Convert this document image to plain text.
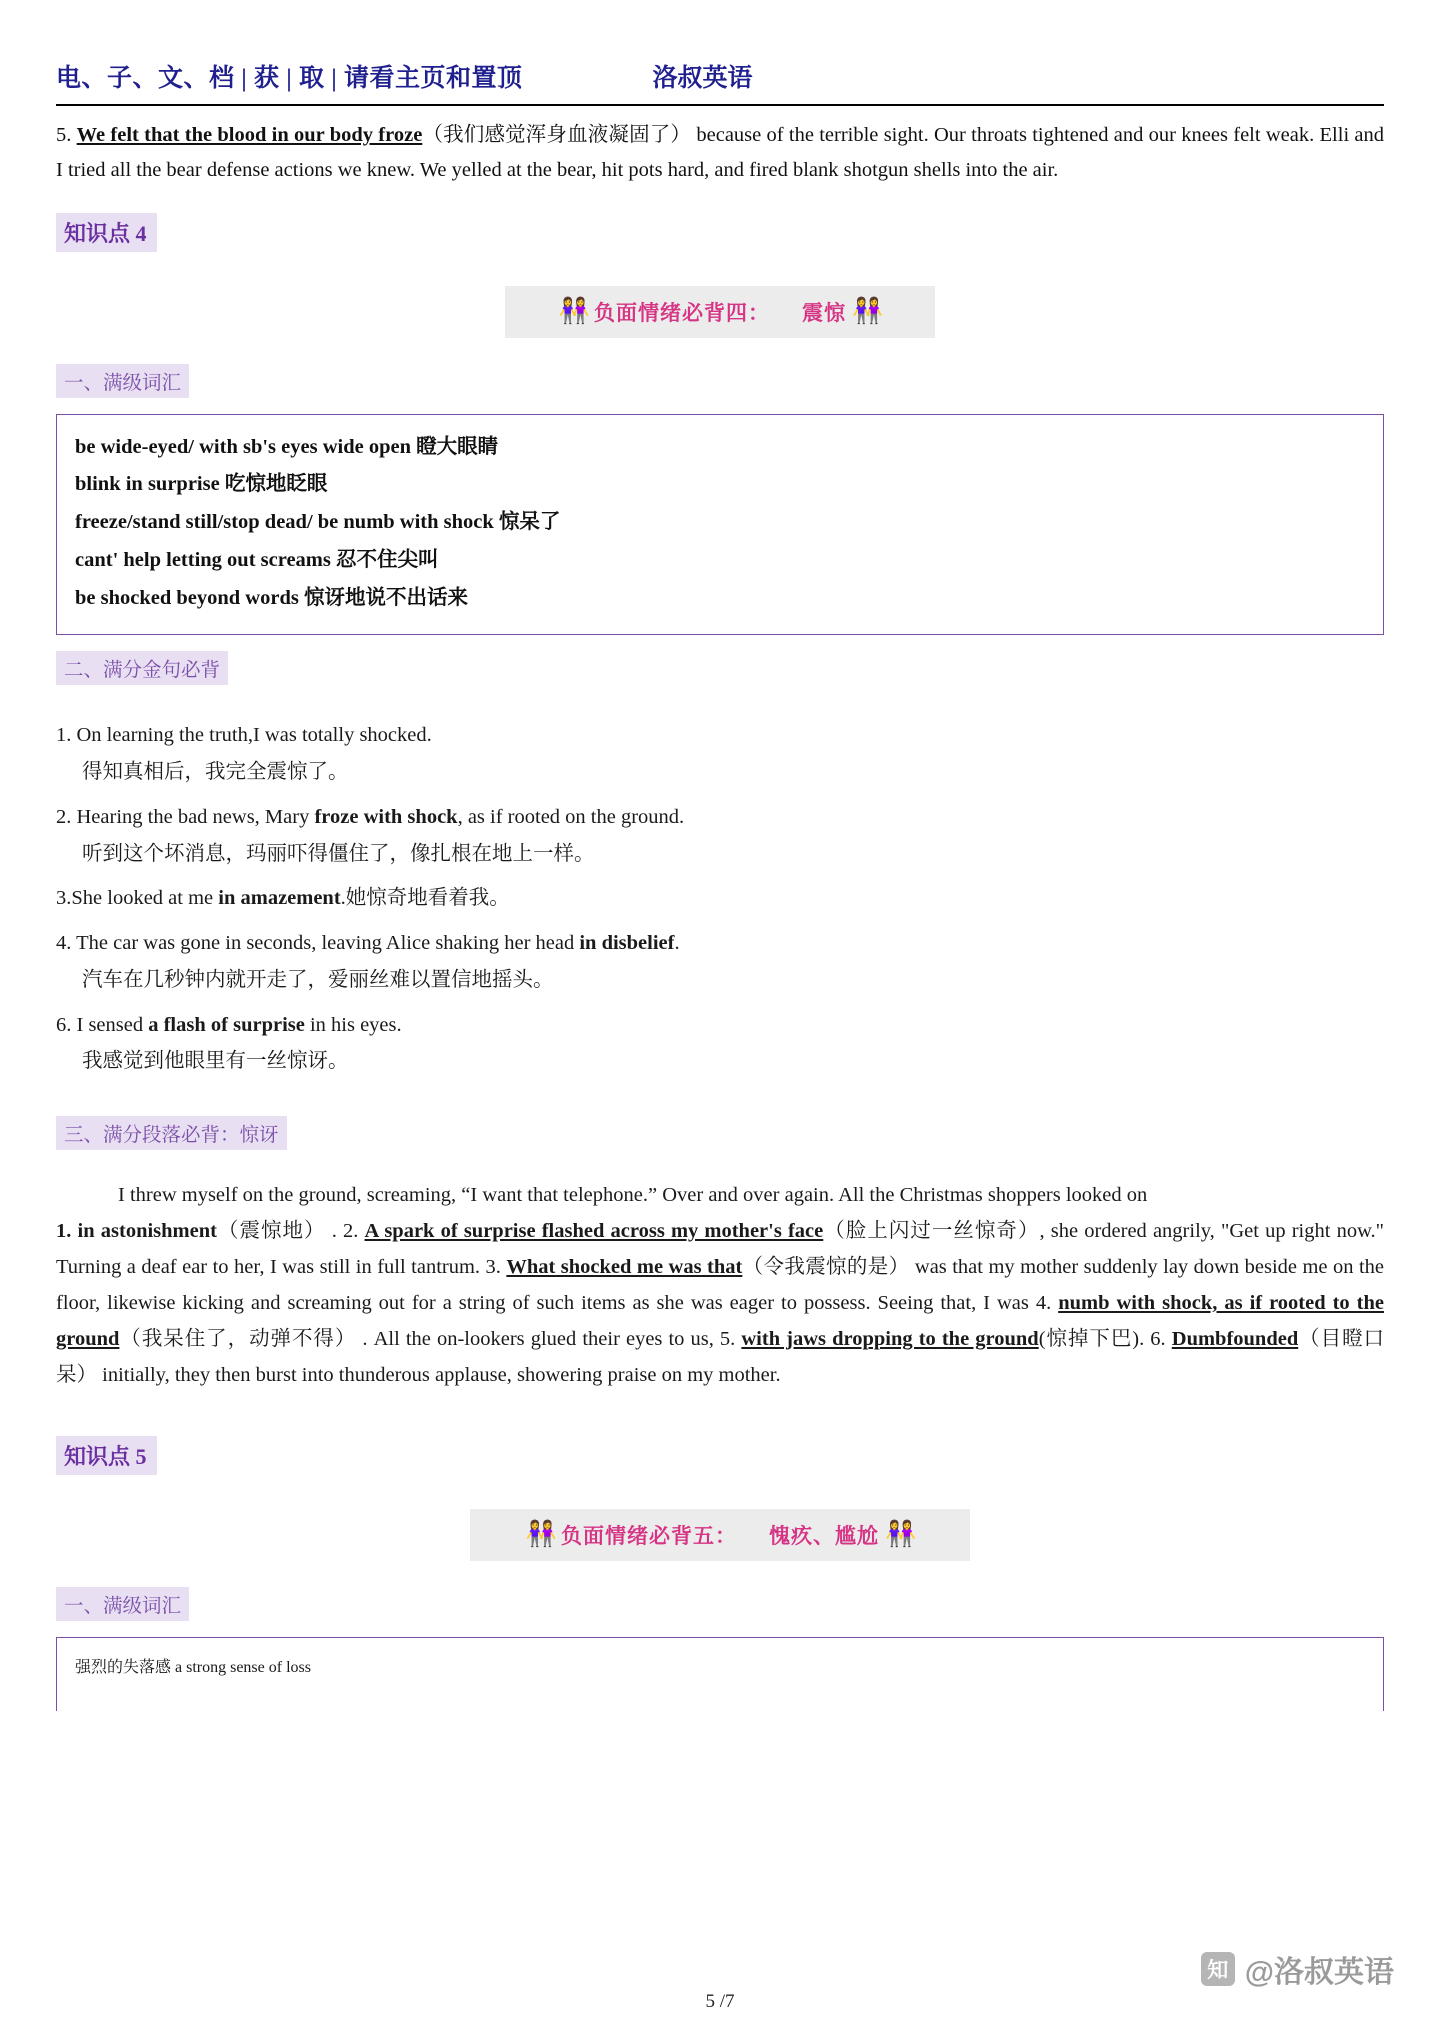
电、子、文、档 | 获 | 取 | 请看主页和置顶	洛叔英语
5. We felt that the blood in our body froze（我们感觉浑身血液凝固了） because of the terrible sight. Our throats tightened and our knees felt weak. Elli and I tried all the bear defense actions we knew. We yelled at the bear, hit pots hard, and fired blank shotgun shells into the air.
知识点 4
👭 负面情绪必背四： 震惊 👭
一、满级词汇
be wide-eyed/ with sb's eyes wide open 瞪大眼睛
blink in surprise 吃惊地眨眼
freeze/stand still/stop dead/ be numb with shock 惊呆了
cant' help letting out screams 忍不住尖叫
be shocked beyond words 惊讶地说不出话来
二、满分金句必背
1. On learning the truth,I was totally shocked.
得知真相后，我完全震惊了。
2. Hearing the bad news, Mary froze with shock, as if rooted on the ground.
听到这个坏消息，玛丽吓得僵住了，像扎根在地上一样。
3.She looked at me in amazement.她惊奇地看着我。
4. The car was gone in seconds, leaving Alice shaking her head in disbelief.
汽车在几秒钟内就开走了，爱丽丝难以置信地摇头。
6. I sensed a flash of surprise in his eyes.
我感觉到他眼里有一丝惊讶。
三、满分段落必背：惊讶

I threw myself on the ground, screaming, “I want that telephone.” Over and over again. All the Christmas shoppers looked on

1. in astonishment（震惊地） . 2. A spark of surprise flashed across my mother's face（脸上闪过一丝惊奇）, she ordered angrily, "Get up right now." Turning a deaf ear to her, I was still in full tantrum. 3. What shocked me was that（令我震惊的是） was that my mother suddenly lay down beside me on the floor, likewise kicking and screaming out for a string of such items as she was eager to possess. Seeing that, I was 4. numb with shock, as if rooted to the ground（我呆住了，动弹不得） . All the on-lookers glued their eyes to us, 5. with jaws dropping to the ground(惊掉下巴). 6. Dumbfounded（目瞪口呆） initially, they then burst into thunderous applause, showering praise on my mother.

知识点 5
👭 负面情绪必背五： 愧疚、尴尬 👭
一、满级词汇
强烈的失落感 a strong sense of loss
5 /7
知 @洛叔英语
